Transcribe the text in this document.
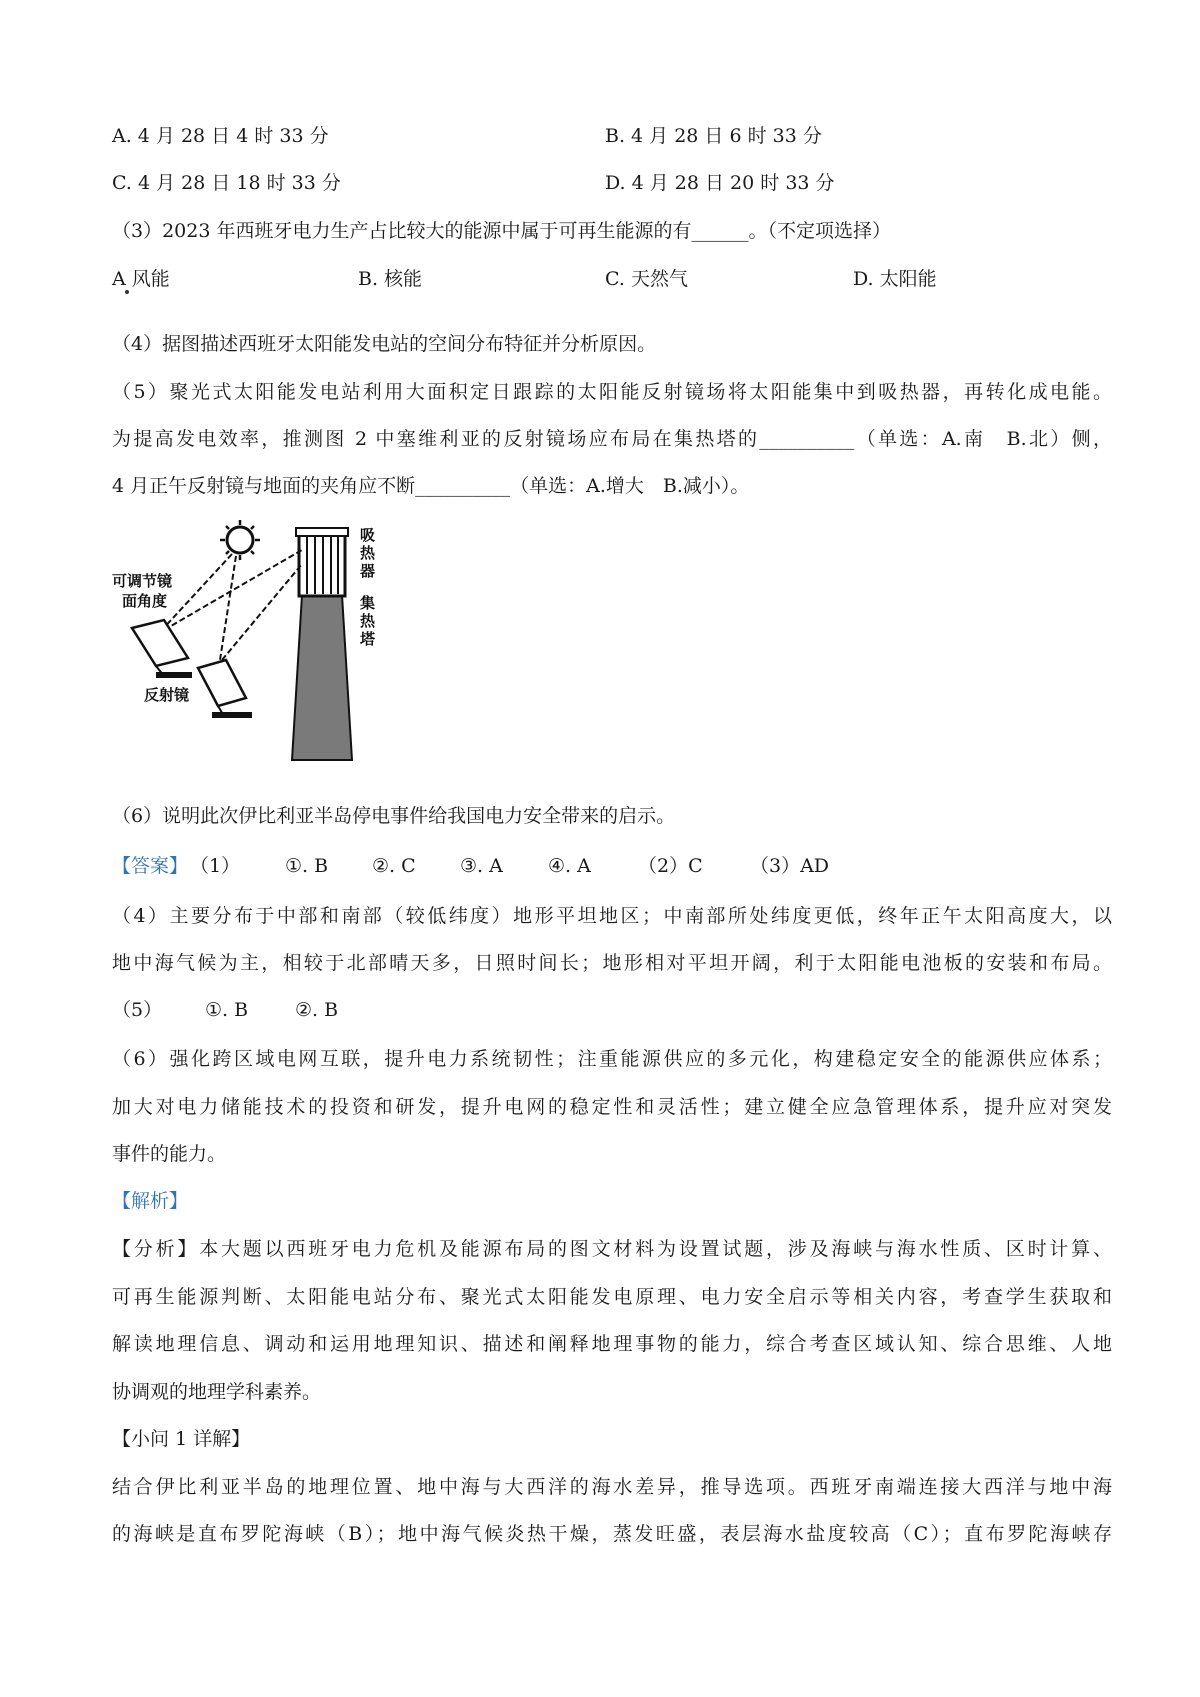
A. 4 月 28 日 4 时 33 分	B. 4 月 28 日 6 时 33 分
C. 4 月 28 日 18 时 33 分	D. 4 月 28 日 20 时 33 分
（3）2023 年西班牙电力生产占比较大的能源中属于可再生能源的有______。（不定项选择）
A 风能	B. 核能	C. 天然气	D. 太阳能
（4）据图描述西班牙太阳能发电站的空间分布特征并分析原因。
（5）聚光式太阳能发电站利用大面积定日跟踪的太阳能反射镜场将太阳能集中到吸热器，再转化成电能。
为提高发电效率，推测图 2 中塞维利亚的反射镜场应布局在集热塔的__________（单选：A.南　B.北）侧，
4 月正午反射镜与地面的夹角应不断__________（单选：A.增大　B.减小）。
可调节镜
面角度
反射镜
吸
热
器
集
热
塔
（6）说明此次伊比利亚半岛停电事件给我国电力安全带来的启示。
【答案】 （1） ①. B ②. C ③. A ④. A （2）C （3）AD
（4）主要分布于中部和南部（较低纬度）地形平坦地区；中南部所处纬度更低，终年正午太阳高度大，以
地中海气候为主，相较于北部晴天多，日照时间长；地形相对平坦开阔，利于太阳能电池板的安装和布局。
（5） ①. B ②. B
（6）强化跨区域电网互联，提升电力系统韧性；注重能源供应的多元化，构建稳定安全的能源供应体系；
加大对电力储能技术的投资和研发，提升电网的稳定性和灵活性；建立健全应急管理体系，提升应对突发
事件的能力。
【解析】
【分析】本大题以西班牙电力危机及能源布局的图文材料为设置试题，涉及海峡与海水性质、区时计算、
可再生能源判断、太阳能电站分布、聚光式太阳能发电原理、电力安全启示等相关内容，考查学生获取和
解读地理信息、调动和运用地理知识、描述和阐释地理事物的能力，综合考查区域认知、综合思维、人地
协调观的地理学科素养。
【小问 1 详解】
结合伊比利亚半岛的地理位置、地中海与大西洋的海水差异，推导选项。西班牙南端连接大西洋与地中海
的海峡是直布罗陀海峡（B）；地中海气候炎热干燥，蒸发旺盛，表层海水盐度较高（C）；直布罗陀海峡存
